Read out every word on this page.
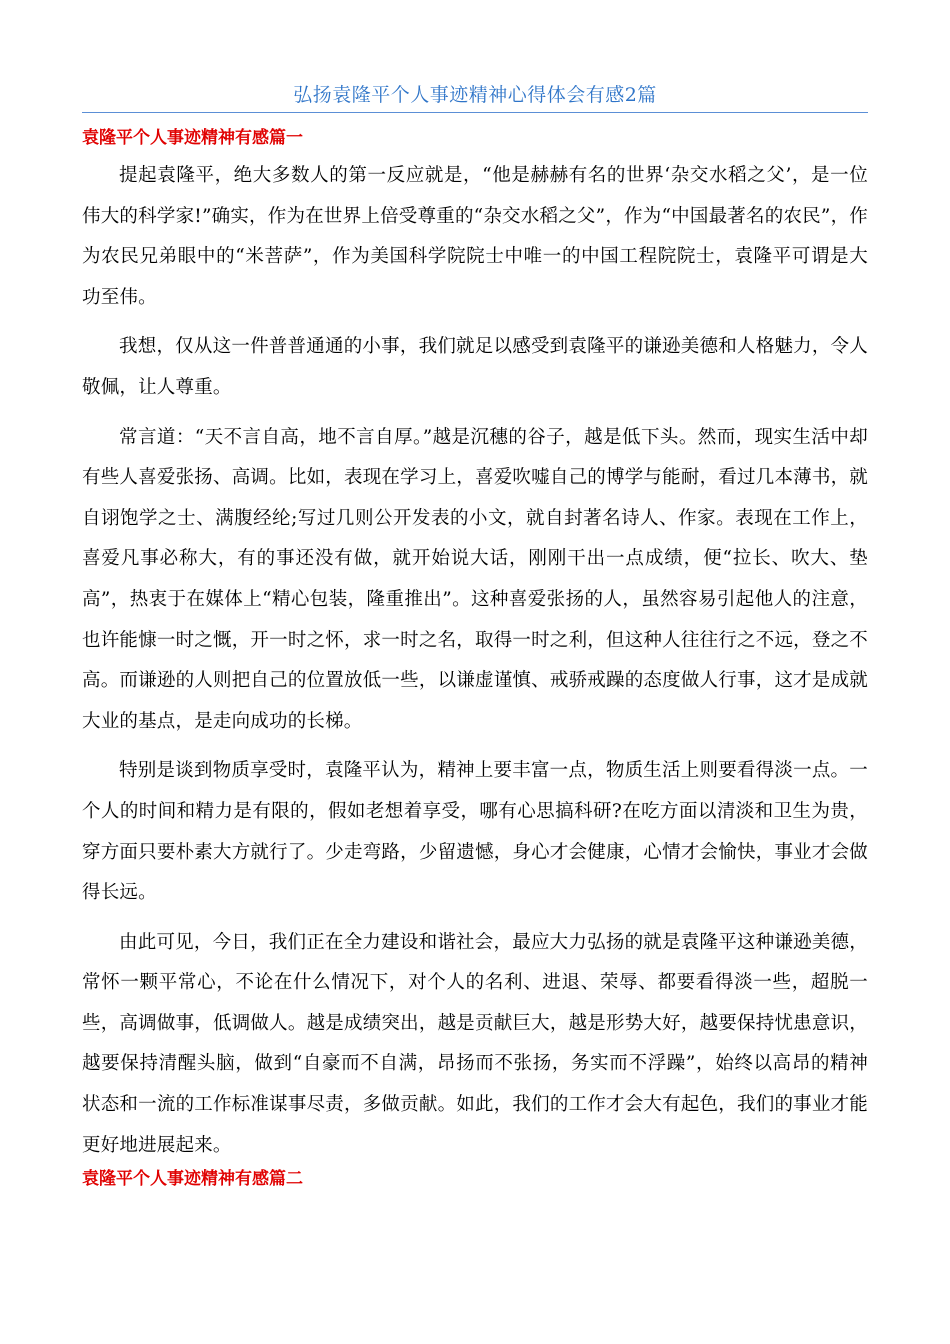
弘扬袁隆平个人事迹精神心得体会有感2篇
袁隆平个人事迹精神有感篇一

提起袁隆平，绝大多数人的第一反应就是，“他是赫赫有名的世界‘杂交水稻之父’，是一位伟大的科学家!”确实，作为在世界上倍受尊重的“杂交水稻之父”，作为“中国最著名的农民”，作为农民兄弟眼中的“米菩萨”，作为美国科学院院士中唯一的中国工程院院士，袁隆平可谓是大功至伟。

我想，仅从这一件普普通通的小事，我们就足以感受到袁隆平的谦逊美德和人格魅力，令人敬佩，让人尊重。

常言道：“天不言自高，地不言自厚。”越是沉穗的谷子，越是低下头。然而，现实生活中却有些人喜爱张扬、高调。比如，表现在学习上，喜爱吹嘘自己的博学与能耐，看过几本薄书，就自诩饱学之士、满腹经纶;写过几则公开发表的小文，就自封著名诗人、作家。表现在工作上，喜爱凡事必称大，有的事还没有做，就开始说大话，刚刚干出一点成绩，便“拉长、吹大、垫高”，热衷于在媒体上“精心包装，隆重推出”。这种喜爱张扬的人，虽然容易引起他人的注意，也许能慷一时之慨，开一时之怀，求一时之名，取得一时之利，但这种人往往行之不远，登之不高。而谦逊的人则把自己的位置放低一些，以谦虚谨慎、戒骄戒躁的态度做人行事，这才是成就大业的基点，是走向成功的长梯。

特别是谈到物质享受时，袁隆平认为，精神上要丰富一点，物质生活上则要看得淡一点。一个人的时间和精力是有限的，假如老想着享受，哪有心思搞科研?在吃方面以清淡和卫生为贵，穿方面只要朴素大方就行了。少走弯路，少留遗憾，身心才会健康，心情才会愉快，事业才会做得长远。

由此可见，今日，我们正在全力建设和谐社会，最应大力弘扬的就是袁隆平这种谦逊美德，常怀一颗平常心，不论在什么情况下，对个人的名利、进退、荣辱、都要看得淡一些，超脱一些，高调做事，低调做人。越是成绩突出，越是贡献巨大，越是形势大好，越要保持忧患意识，越要保持清醒头脑，做到“自豪而不自满，昂扬而不张扬，务实而不浮躁”，始终以高昂的精神状态和一流的工作标准谋事尽责，多做贡献。如此，我们的工作才会大有起色，我们的事业才能更好地进展起来。

袁隆平个人事迹精神有感篇二
